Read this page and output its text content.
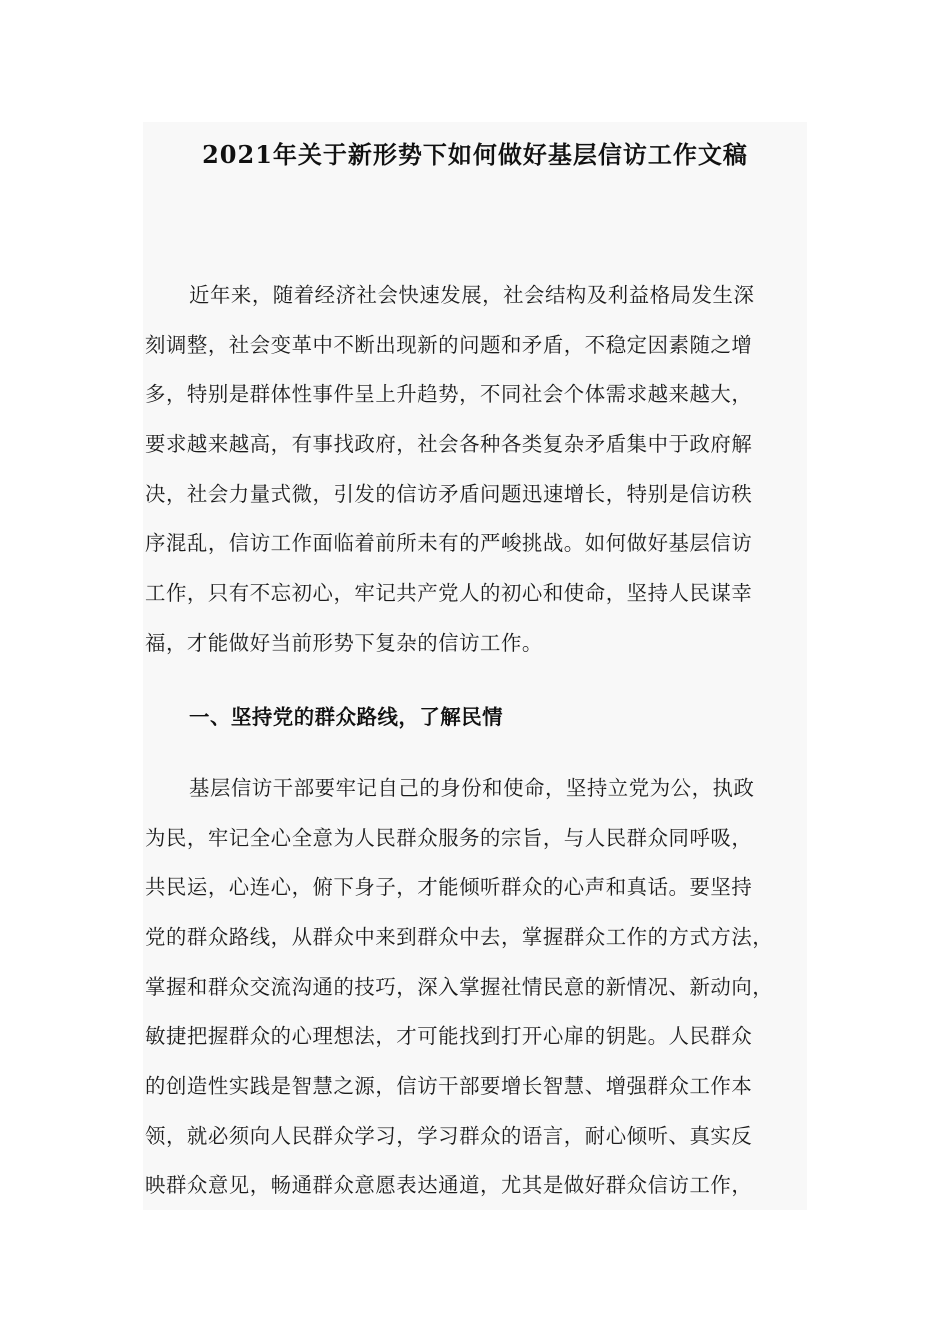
2021年关于新形势下如何做好基层信访工作文稿
近年来，随着经济社会快速发展，社会结构及利益格局发生深
刻调整，社会变革中不断出现新的问题和矛盾，不稳定因素随之增
多，特别是群体性事件呈上升趋势，不同社会个体需求越来越大，
要求越来越高，有事找政府，社会各种各类复杂矛盾集中于政府解
决，社会力量式微，引发的信访矛盾问题迅速增长，特别是信访秩
序混乱，信访工作面临着前所未有的严峻挑战。如何做好基层信访
工作，只有不忘初心，牢记共产党人的初心和使命，坚持人民谋幸
福，才能做好当前形势下复杂的信访工作。
一、坚持党的群众路线，了解民情
基层信访干部要牢记自己的身份和使命，坚持立党为公，执政
为民，牢记全心全意为人民群众服务的宗旨，与人民群众同呼吸，
共民运，心连心，俯下身子，才能倾听群众的心声和真话。要坚持
党的群众路线，从群众中来到群众中去，掌握群众工作的方式方法，
掌握和群众交流沟通的技巧，深入掌握社情民意的新情况、新动向，
敏捷把握群众的心理想法，才可能找到打开心扉的钥匙。人民群众
的创造性实践是智慧之源，信访干部要增长智慧、增强群众工作本
领，就必须向人民群众学习，学习群众的语言，耐心倾听、真实反
映群众意见，畅通群众意愿表达通道，尤其是做好群众信访工作，
